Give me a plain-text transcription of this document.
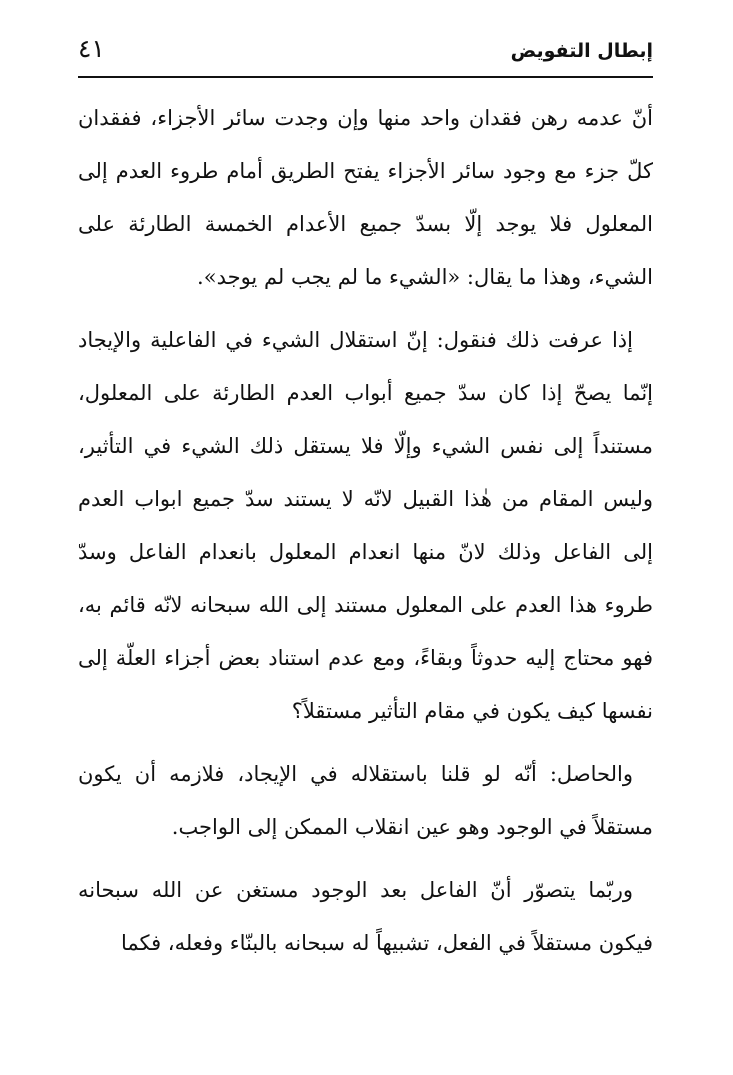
إبطال التفويض
٤١

أنّ عدمه رهن فقدان واحد منها وإن وجدت سائر الأجزاء، ففقدان كلّ جزء مع وجود سائر الأجزاء يفتح الطريق أمام طروء العدم إلى المعلول فلا يوجد إلّا بسدّ جميع الأعدام الخمسة الطارئة على الشيء، وهذا ما يقال: «الشيء ما لم يجب لم يوجد».

إذا عرفت ذلك فنقول: إنّ استقلال الشيء في الفاعلية والإيجاد إنّما يصحّ إذا كان سدّ جميع أبواب العدم الطارئة على المعلول، مستنداً إلى نفس الشيء وإلّا فلا يستقل ذلك الشيء في التأثير، وليس المقام من هٰذا القبيل لانّه لا يستند سدّ جميع ابواب العدم إلى الفاعل وذلك لانّ منها انعدام المعلول بانعدام الفاعل وسدّ طروء هذا العدم على المعلول مستند إلى الله سبحانه لانّه قائم به، فهو محتاج إليه حدوثاً وبقاءً، ومع عدم استناد بعض أجزاء العلّة إلى نفسها كيف يكون في مقام التأثير مستقلاً؟

والحاصل: أنّه لو قلنا باستقلاله في الإيجاد، فلازمه أن يكون مستقلاً في الوجود وهو عين انقلاب الممكن إلى الواجب.

وربّما يتصوّر أنّ الفاعل بعد الوجود مستغن عن الله سبحانه فيكون مستقلاً في الفعل، تشبيهاً له سبحانه بالبنّاء وفعله، فكما
